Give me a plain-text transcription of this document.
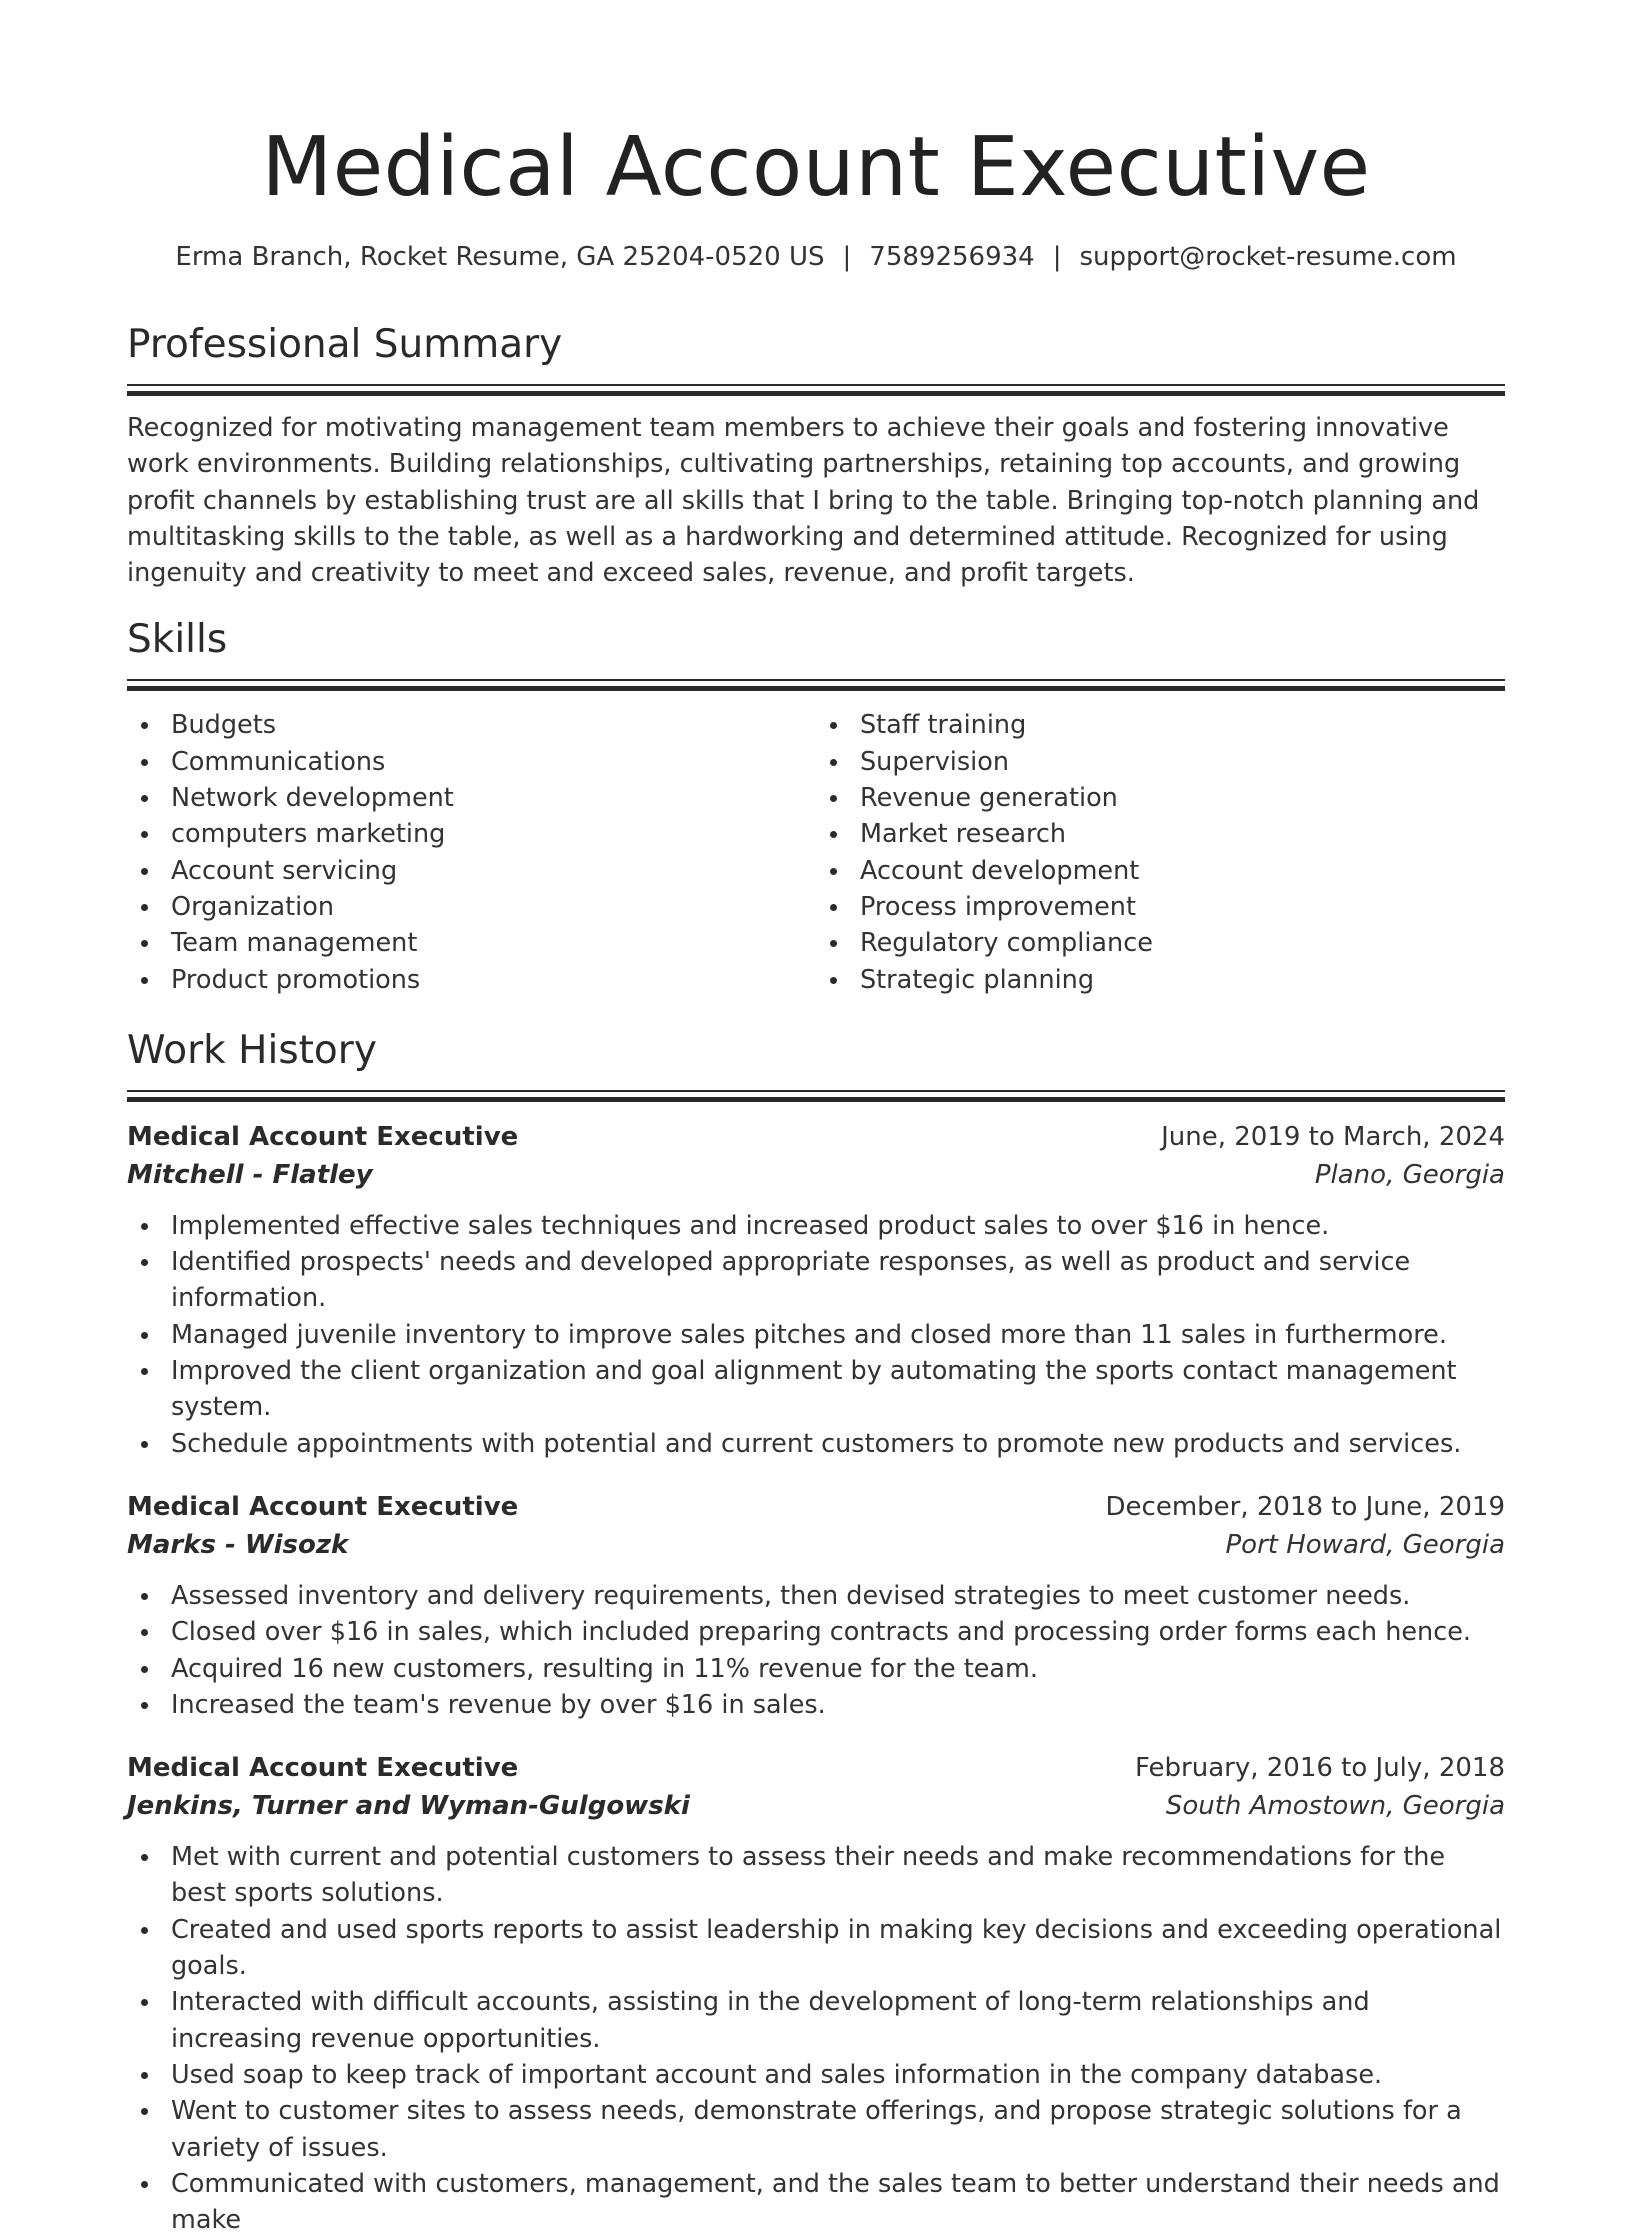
Medical Account Executive
Erma Branch, Rocket Resume, GA 25204-0520 US | 7589256934 | support@rocket-resume.com
Professional Summary

Recognized for motivating management team members to achieve their goals and fostering innovative work environments. Building relationships, cultivating partnerships, retaining top accounts, and growing profit channels by establishing trust are all skills that I bring to the table. Bringing top-notch planning and multitasking skills to the table, as well as a hardworking and determined attitude. Recognized for using ingenuity and creativity to meet and exceed sales, revenue, and profit targets.

Skills
Budgets
Communications
Network development
computers marketing
Account servicing
Organization
Team management
Product promotions
Staff training
Supervision
Revenue generation
Market research
Account development
Process improvement
Regulatory compliance
Strategic planning
Work History
Medical Account Executive	June, 2019 to March, 2024
Mitchell - Flatley	Plano, Georgia
Implemented effective sales techniques and increased product sales to over $16 in hence.
Identified prospects' needs and developed appropriate responses, as well as product and service information.
Managed juvenile inventory to improve sales pitches and closed more than 11 sales in furthermore.
Improved the client organization and goal alignment by automating the sports contact management system.
Schedule appointments with potential and current customers to promote new products and services.
Medical Account Executive	December, 2018 to June, 2019
Marks - Wisozk	Port Howard, Georgia
Assessed inventory and delivery requirements, then devised strategies to meet customer needs.
Closed over $16 in sales, which included preparing contracts and processing order forms each hence.
Acquired 16 new customers, resulting in 11% revenue for the team.
Increased the team's revenue by over $16 in sales.
Medical Account Executive	February, 2016 to July, 2018
Jenkins, Turner and Wyman-Gulgowski	South Amostown, Georgia
Met with current and potential customers to assess their needs and make recommendations for the best sports solutions.
Created and used sports reports to assist leadership in making key decisions and exceeding operational goals.
Interacted with difficult accounts, assisting in the development of long-term relationships and increasing revenue opportunities.
Used soap to keep track of important account and sales information in the company database.
Went to customer sites to assess needs, demonstrate offerings, and propose strategic solutions for a variety of issues.
Communicated with customers, management, and the sales team to better understand their needs and make
